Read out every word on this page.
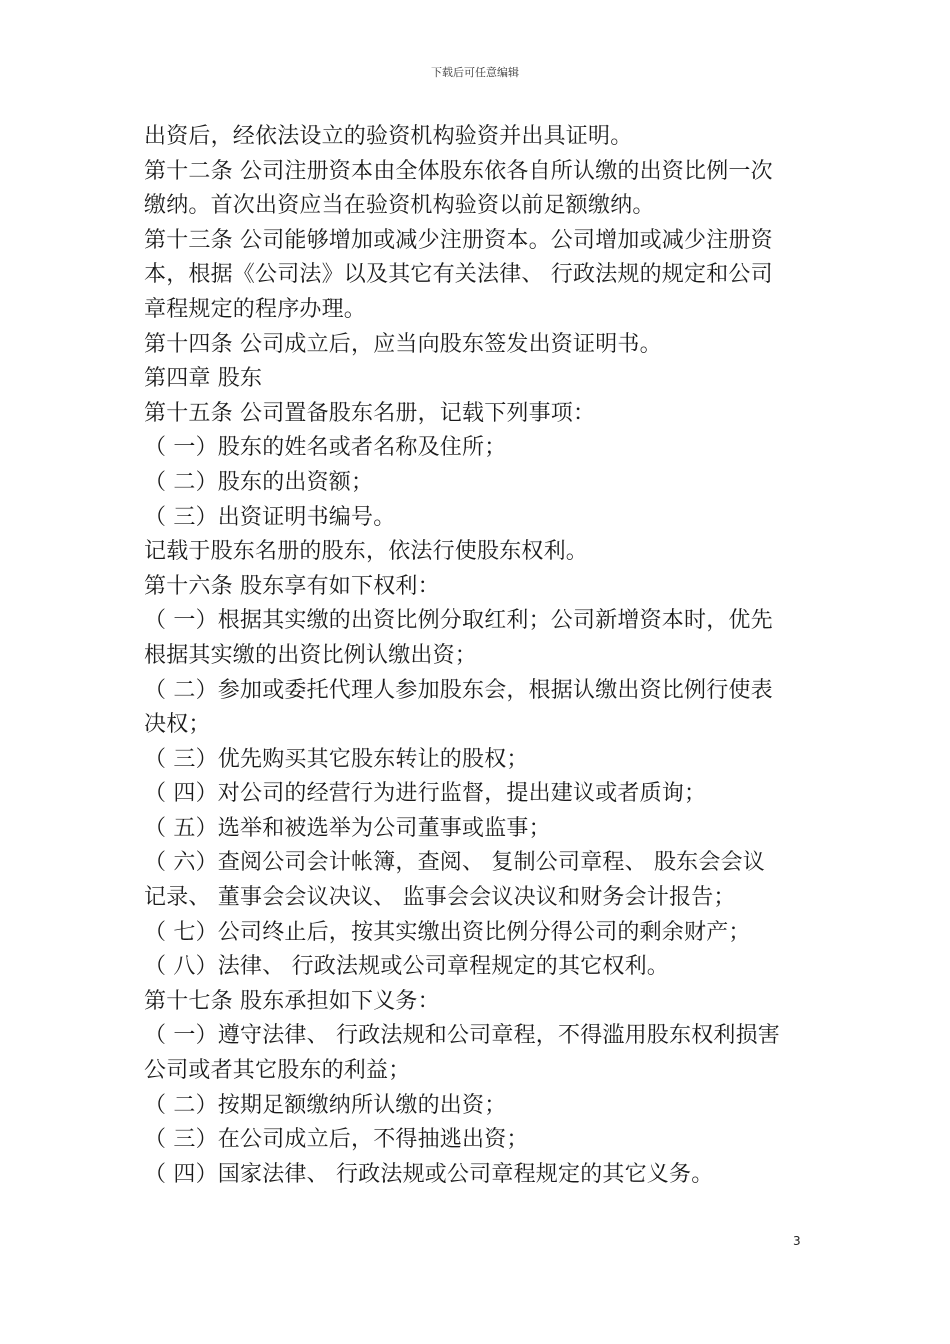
下载后可任意编辑
出资后，经依法设立的验资机构验资并出具证明。
第十二条 公司注册资本由全体股东依各自所认缴的出资比例一次
缴纳。首次出资应当在验资机构验资以前足额缴纳。
第十三条 公司能够增加或减少注册资本。公司增加或减少注册资
本，根据《公司法》以及其它有关法律、 行政法规的规定和公司
章程规定的程序办理。
第十四条 公司成立后，应当向股东签发出资证明书。
第四章 股东
第十五条 公司置备股东名册，记载下列事项：
（ 一）股东的姓名或者名称及住所；
（ 二）股东的出资额；
（ 三）出资证明书编号。
记载于股东名册的股东，依法行使股东权利。
第十六条 股东享有如下权利：
（ 一）根据其实缴的出资比例分取红利；公司新增资本时，优先
根据其实缴的出资比例认缴出资；
（ 二）参加或委托代理人参加股东会，根据认缴出资比例行使表
决权；
（ 三）优先购买其它股东转让的股权；
（ 四）对公司的经营行为进行监督，提出建议或者质询；
（ 五）选举和被选举为公司董事或监事；
（ 六）查阅公司会计帐簿，查阅、 复制公司章程、 股东会会议
记录、 董事会会议决议、 监事会会议决议和财务会计报告；
（ 七）公司终止后，按其实缴出资比例分得公司的剩余财产；
（ 八）法律、 行政法规或公司章程规定的其它权利。
第十七条 股东承担如下义务：
（ 一）遵守法律、 行政法规和公司章程，不得滥用股东权利损害
公司或者其它股东的利益；
（ 二）按期足额缴纳所认缴的出资；
（ 三）在公司成立后，不得抽逃出资；
（ 四）国家法律、 行政法规或公司章程规定的其它义务。
3
